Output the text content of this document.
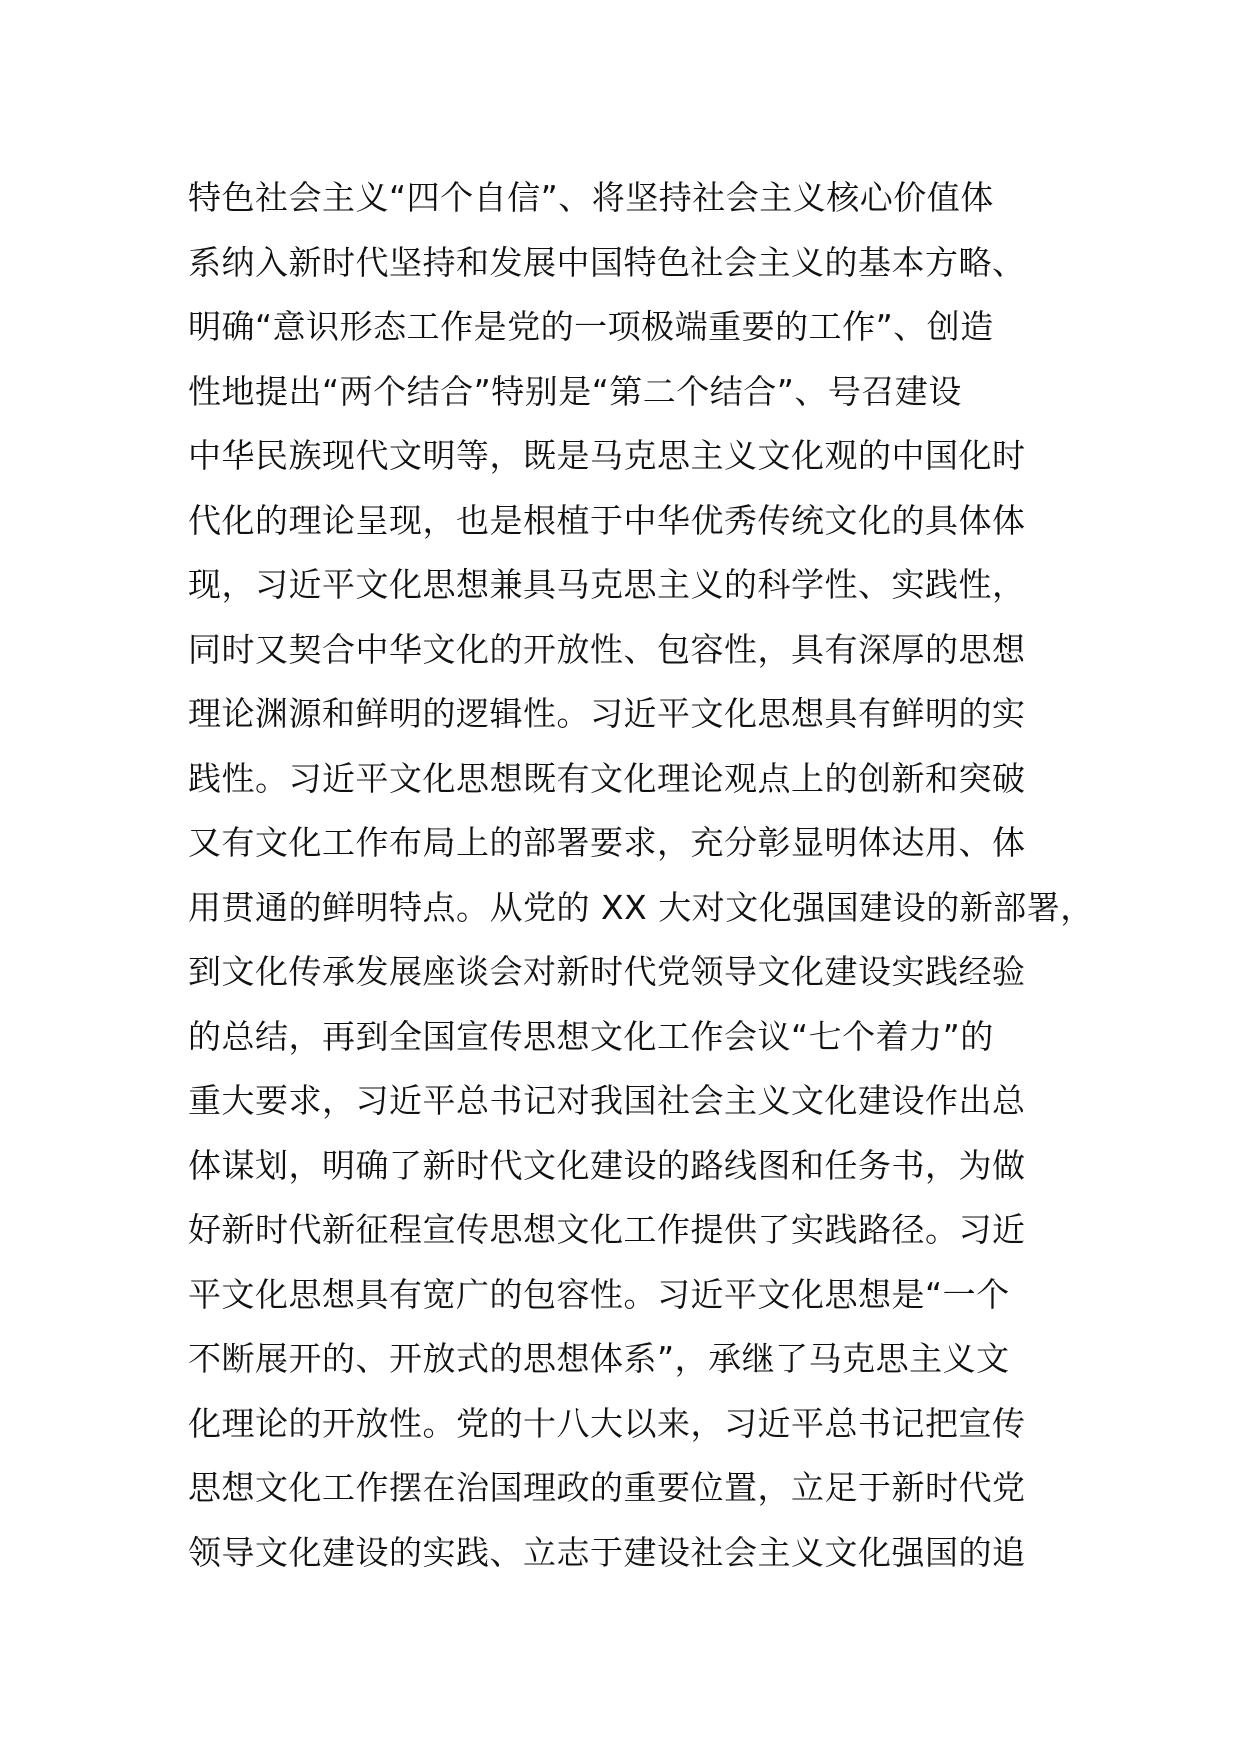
特色社会主义“四个自信”、将坚持社会主义核心价值体
系纳入新时代坚持和发展中国特色社会主义的基本方略、
明确“意识形态工作是党的一项极端重要的工作”、创造
性地提出“两个结合”特别是“第二个结合”、号召建设
中华民族现代文明等，既是马克思主义文化观的中国化时
代化的理论呈现，也是根植于中华优秀传统文化的具体体
现，习近平文化思想兼具马克思主义的科学性、实践性，
同时又契合中华文化的开放性、包容性，具有深厚的思想
理论渊源和鲜明的逻辑性。习近平文化思想具有鲜明的实
践性。习近平文化思想既有文化理论观点上的创新和突破
又有文化工作布局上的部署要求，充分彰显明体达用、体
用贯通的鲜明特点。从党的 XX 大对文化强国建设的新部署，
到文化传承发展座谈会对新时代党领导文化建设实践经验
的总结，再到全国宣传思想文化工作会议“七个着力”的
重大要求，习近平总书记对我国社会主义文化建设作出总
体谋划，明确了新时代文化建设的路线图和任务书，为做
好新时代新征程宣传思想文化工作提供了实践路径。习近
平文化思想具有宽广的包容性。习近平文化思想是“一个
不断展开的、开放式的思想体系”，承继了马克思主义文
化理论的开放性。党的十八大以来，习近平总书记把宣传
思想文化工作摆在治国理政的重要位置，立足于新时代党
领导文化建设的实践、立志于建设社会主义文化强国的追
